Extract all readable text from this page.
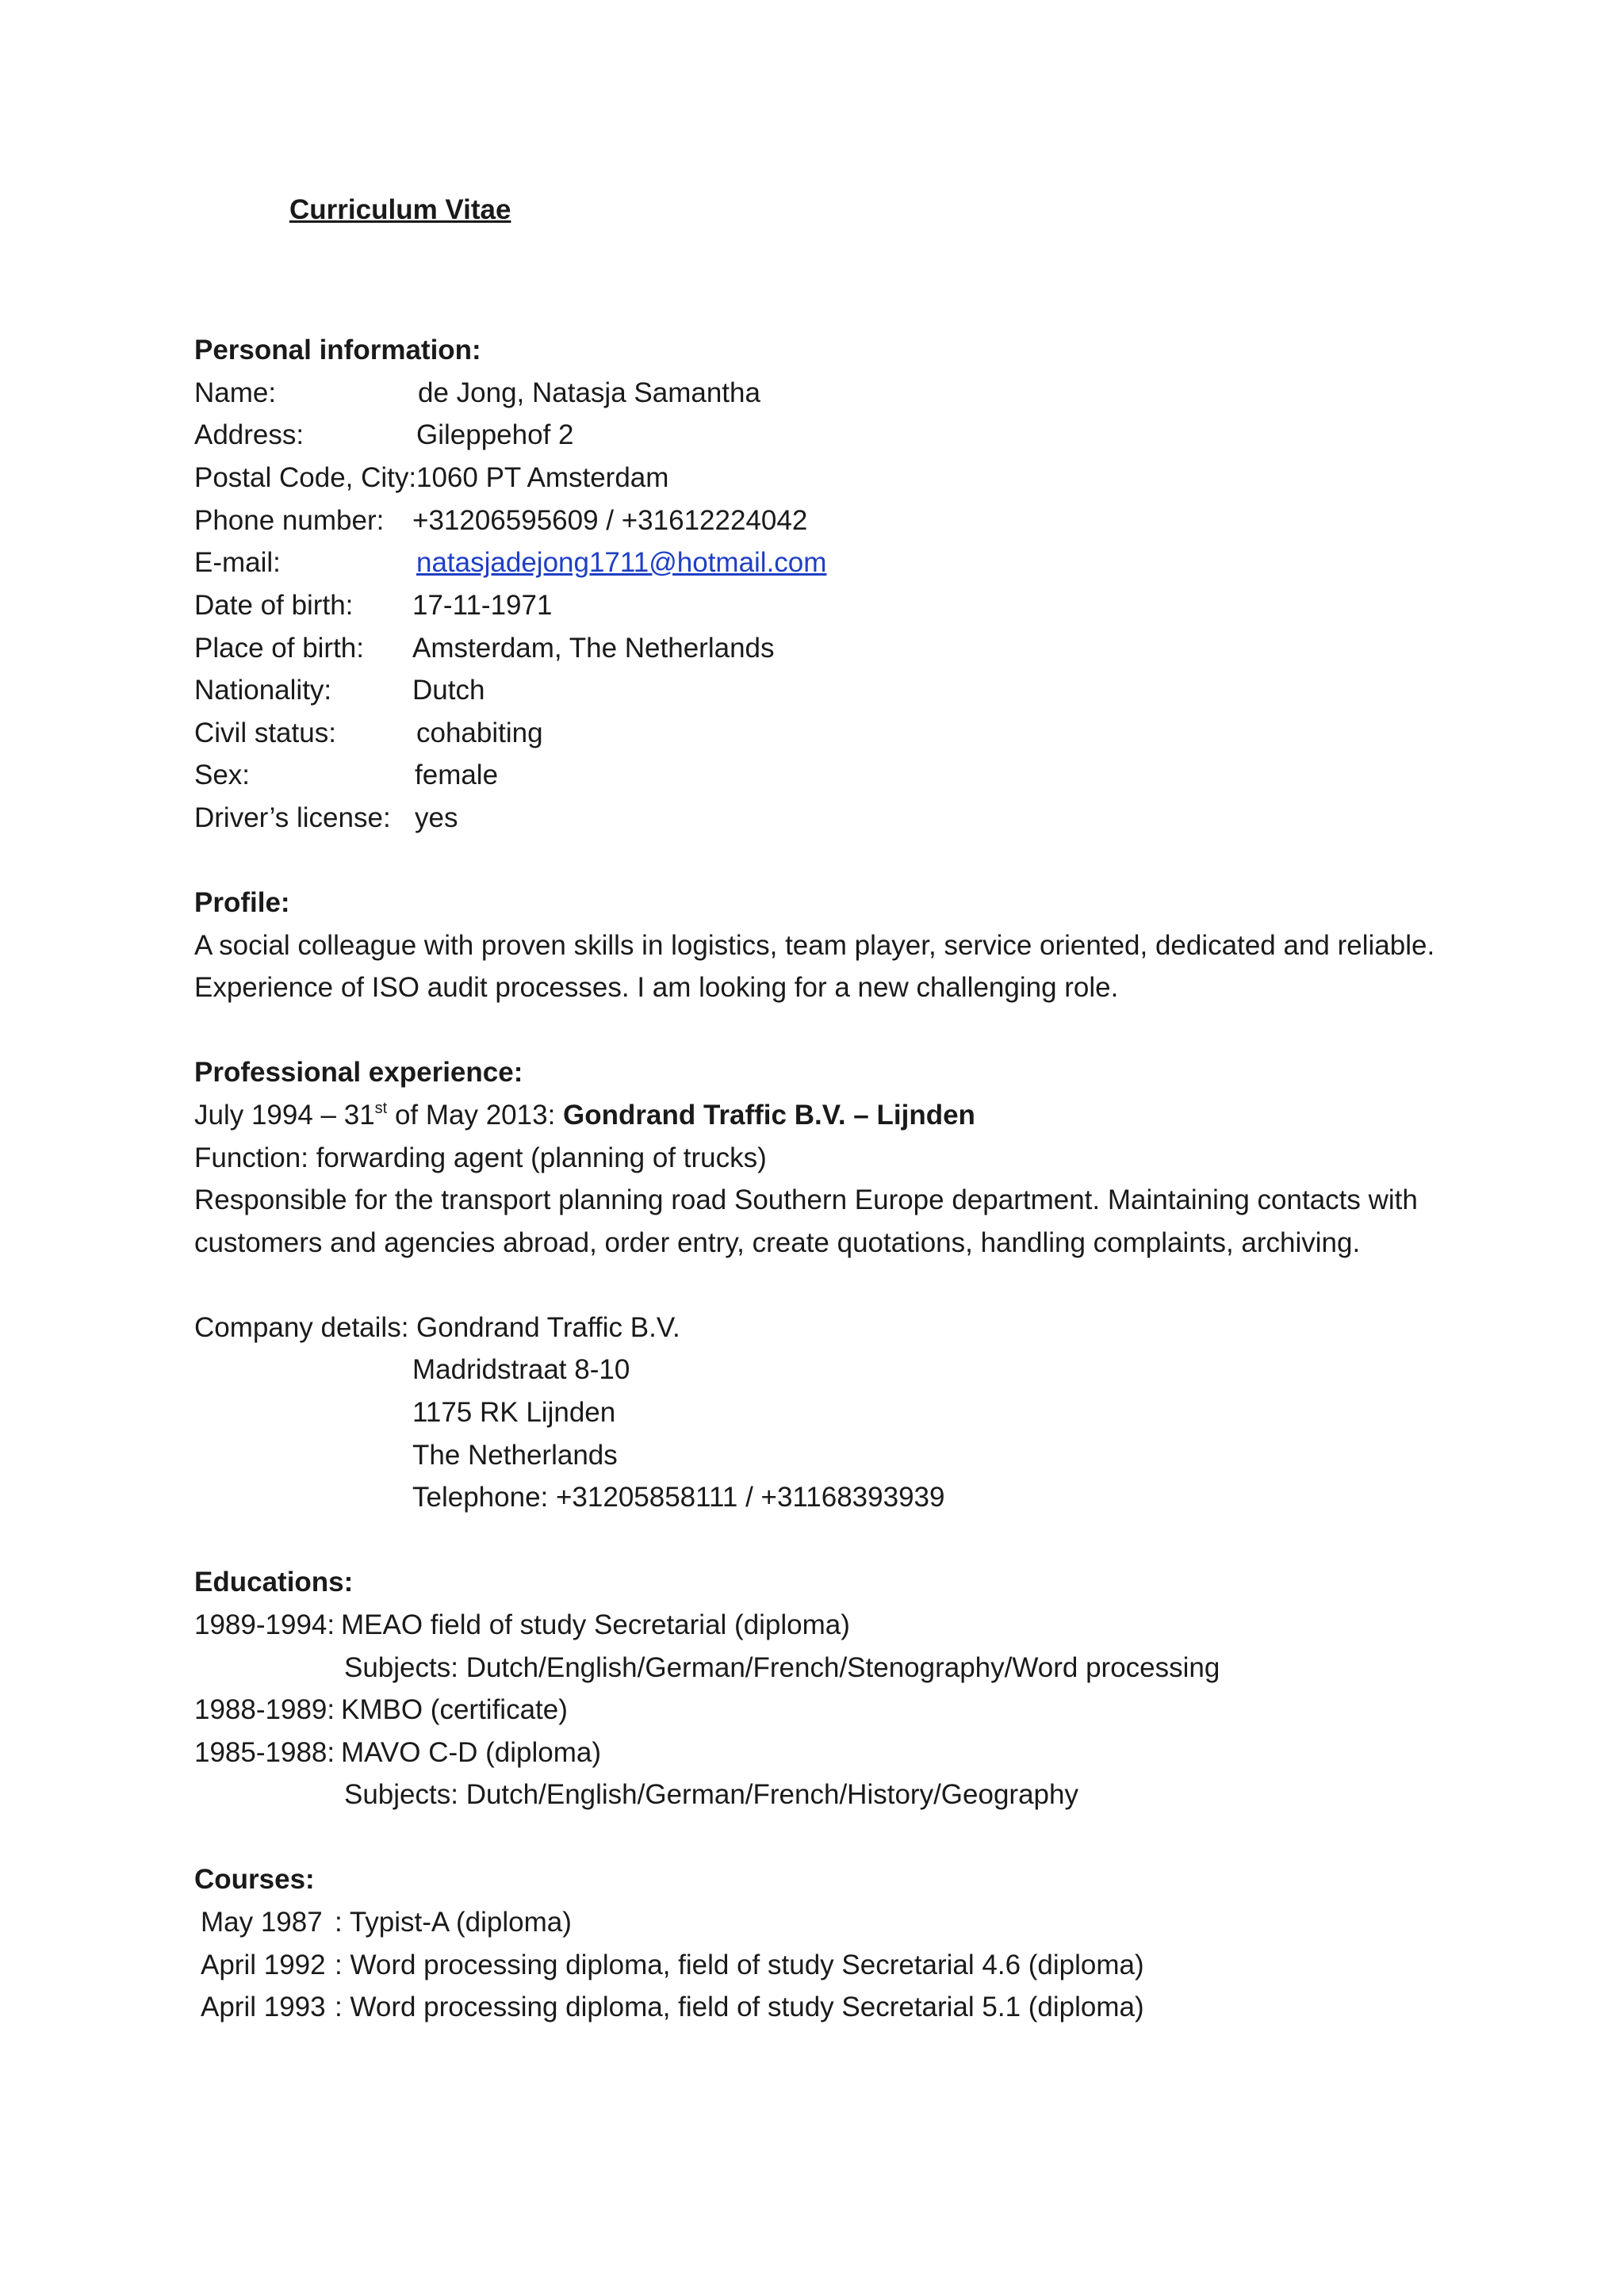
Curriculum Vitae
Personal information:
Name:	de Jong, Natasja Samantha
Address:	Gileppehof 2
Postal Code, City: 1060 PT Amsterdam
Phone number: +31206595609 / +31612224042
E-mail:	natasjadejong1711@hotmail.com
Date of birth: 17-11-1971
Place of birth: Amsterdam, The Netherlands
Nationality:	Dutch
Civil status:	cohabiting
Sex:	female
Driver’s license: yes
Profile:
A social colleague with proven skills in logistics, team player, service oriented, dedicated and reliable.
Experience of ISO audit processes. I am looking for a new challenging role.
Professional experience:
July 1994 – 31st of May 2013: Gondrand Traffic B.V. – Lijnden
Function: forwarding agent (planning of trucks)
Responsible for the transport planning road Southern Europe department. Maintaining contacts with
customers and agencies abroad, order entry, create quotations, handling complaints, archiving.
Company details: Gondrand Traffic B.V.
Madridstraat 8-10
1175 RK Lijnden
The Netherlands
Telephone: +31205858111 / +31168393939
Educations:
1989-1994: MEAO field of study Secretarial (diploma)
Subjects: Dutch/English/German/French/Stenography/Word processing
1988-1989: KMBO (certificate)
1985-1988: MAVO C-D (diploma)
Subjects: Dutch/English/German/French/History/Geography
Courses:
May 1987 : Typist-A (diploma)
April 1992 : Word processing diploma, field of study Secretarial 4.6 (diploma)
April 1993 : Word processing diploma, field of study Secretarial 5.1 (diploma)
